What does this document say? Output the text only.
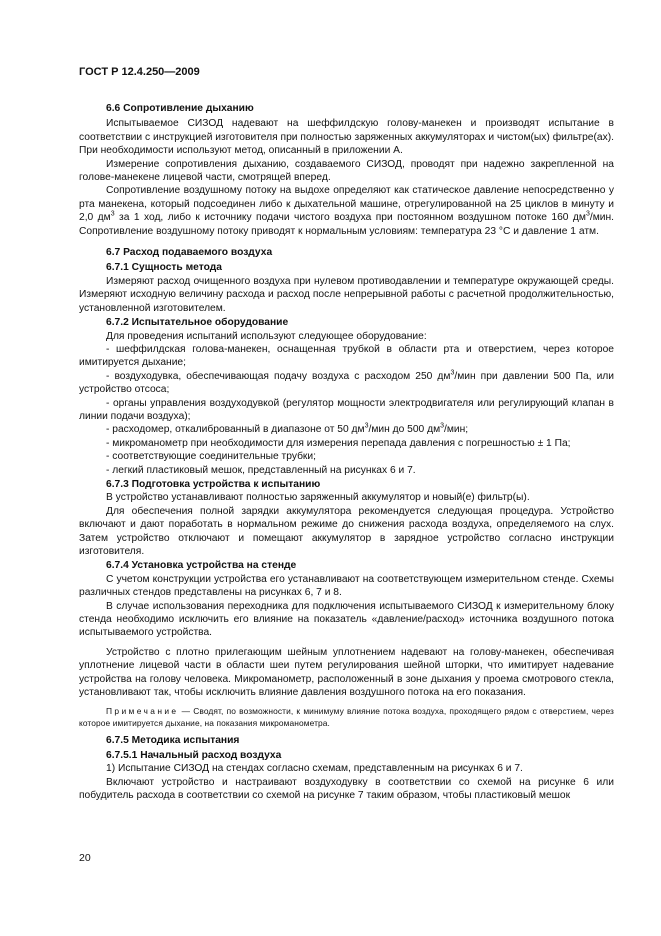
ГОСТ Р 12.4.250—2009

6.6 Сопротивление дыханию

Испытываемое СИЗОД надевают на шеффилдскую голову-манекен и производят испытание в соответствии с инструкцией изготовителя при полностью заряженных аккумуляторах и чистом(ых) фильтре(ах). При необходимости используют метод, описанный в приложении А.

Измерение сопротивления дыханию, создаваемого СИЗОД, проводят при надежно закрепленной на голове-манекене лицевой части, смотрящей вперед.

Сопротивление воздушному потоку на выдохе определяют как статическое давление непосредственно у рта манекена, который подсоединен либо к дыхательной машине, отрегулированной на 25 циклов в минуту и 2,0 $дм^3$ за 1 ход, либо к источнику подачи чистого воздуха при постоянном воздушном потоке 160 $дм^3$/мин. Сопротивление воздушному потоку приводят к нормальным условиям: температура 23 °С и давление 1 атм.

6.7 Расход подаваемого воздуха

6.7.1 Сущность метода

Измеряют расход очищенного воздуха при нулевом противодавлении и температуре окружающей среды. Измеряют исходную величину расхода и расход после непрерывной работы с расчетной продолжительностью, установленной изготовителем.

6.7.2 Испытательное оборудование

Для проведения испытаний используют следующее оборудование:

- шеффилдская голова-манекен, оснащенная трубкой в области рта и отверстием, через которое имитируется дыхание;

- воздуходувка, обеспечивающая подачу воздуха с расходом 250 $дм^3$/мин при давлении 500 Па, или устройство отсоса;

- органы управления воздуходувкой (регулятор мощности электродвигателя или регулирующий клапан в линии подачи воздуха);

- расходомер, откалиброванный в диапазоне от 50 $дм^3$/мин до 500 $дм^3$/мин;

- микроманометр при необходимости для измерения перепада давления с погрешностью ± 1 Па;

- соответствующие соединительные трубки;

- легкий пластиковый мешок, представленный на рисунках 6 и 7.

6.7.3 Подготовка устройства к испытанию

В устройство устанавливают полностью заряженный аккумулятор и новый(е) фильтр(ы).

Для обеспечения полной зарядки аккумулятора рекомендуется следующая процедура. Устройство включают и дают поработать в нормальном режиме до снижения расхода воздуха, определяемого на слух. Затем устройство отключают и помещают аккумулятор в зарядное устройство согласно инструкции изготовителя.

6.7.4 Установка устройства на стенде

С учетом конструкции устройства его устанавливают на соответствующем измерительном стенде. Схемы различных стендов представлены на рисунках 6, 7 и 8.

В случае использования переходника для подключения испытываемого СИЗОД к измерительному блоку стенда необходимо исключить его влияние на показатель «давление/расход» источника воздушного потока испытываемого устройства.

Устройство с плотно прилегающим шейным уплотнением надевают на голову-манекен, обеспечивая уплотнение лицевой части в области шеи путем регулирования шейной шторки, что имитирует надевание устройства на голову человека. Микроманометр, расположенный в зоне дыхания у проема смотрового стекла, установливают так, чтобы исключить влияние давления воздушного потока на его показания.

Примечание — Сводят, по возможности, к минимуму влияние потока воздуха, проходящего рядом с отверстием, через которое имитируется дыхание, на показания микроманометра.

6.7.5 Методика испытания

6.7.5.1 Начальный расход воздуха

1) Испытание СИЗОД на стендах согласно схемам, представленным на рисунках 6 и 7.

Включают устройство и настраивают воздуходувку в соответствии со схемой на рисунке 6 или побудитель расхода в соответствии со схемой на рисунке 7 таким образом, чтобы пластиковый мешок

20
